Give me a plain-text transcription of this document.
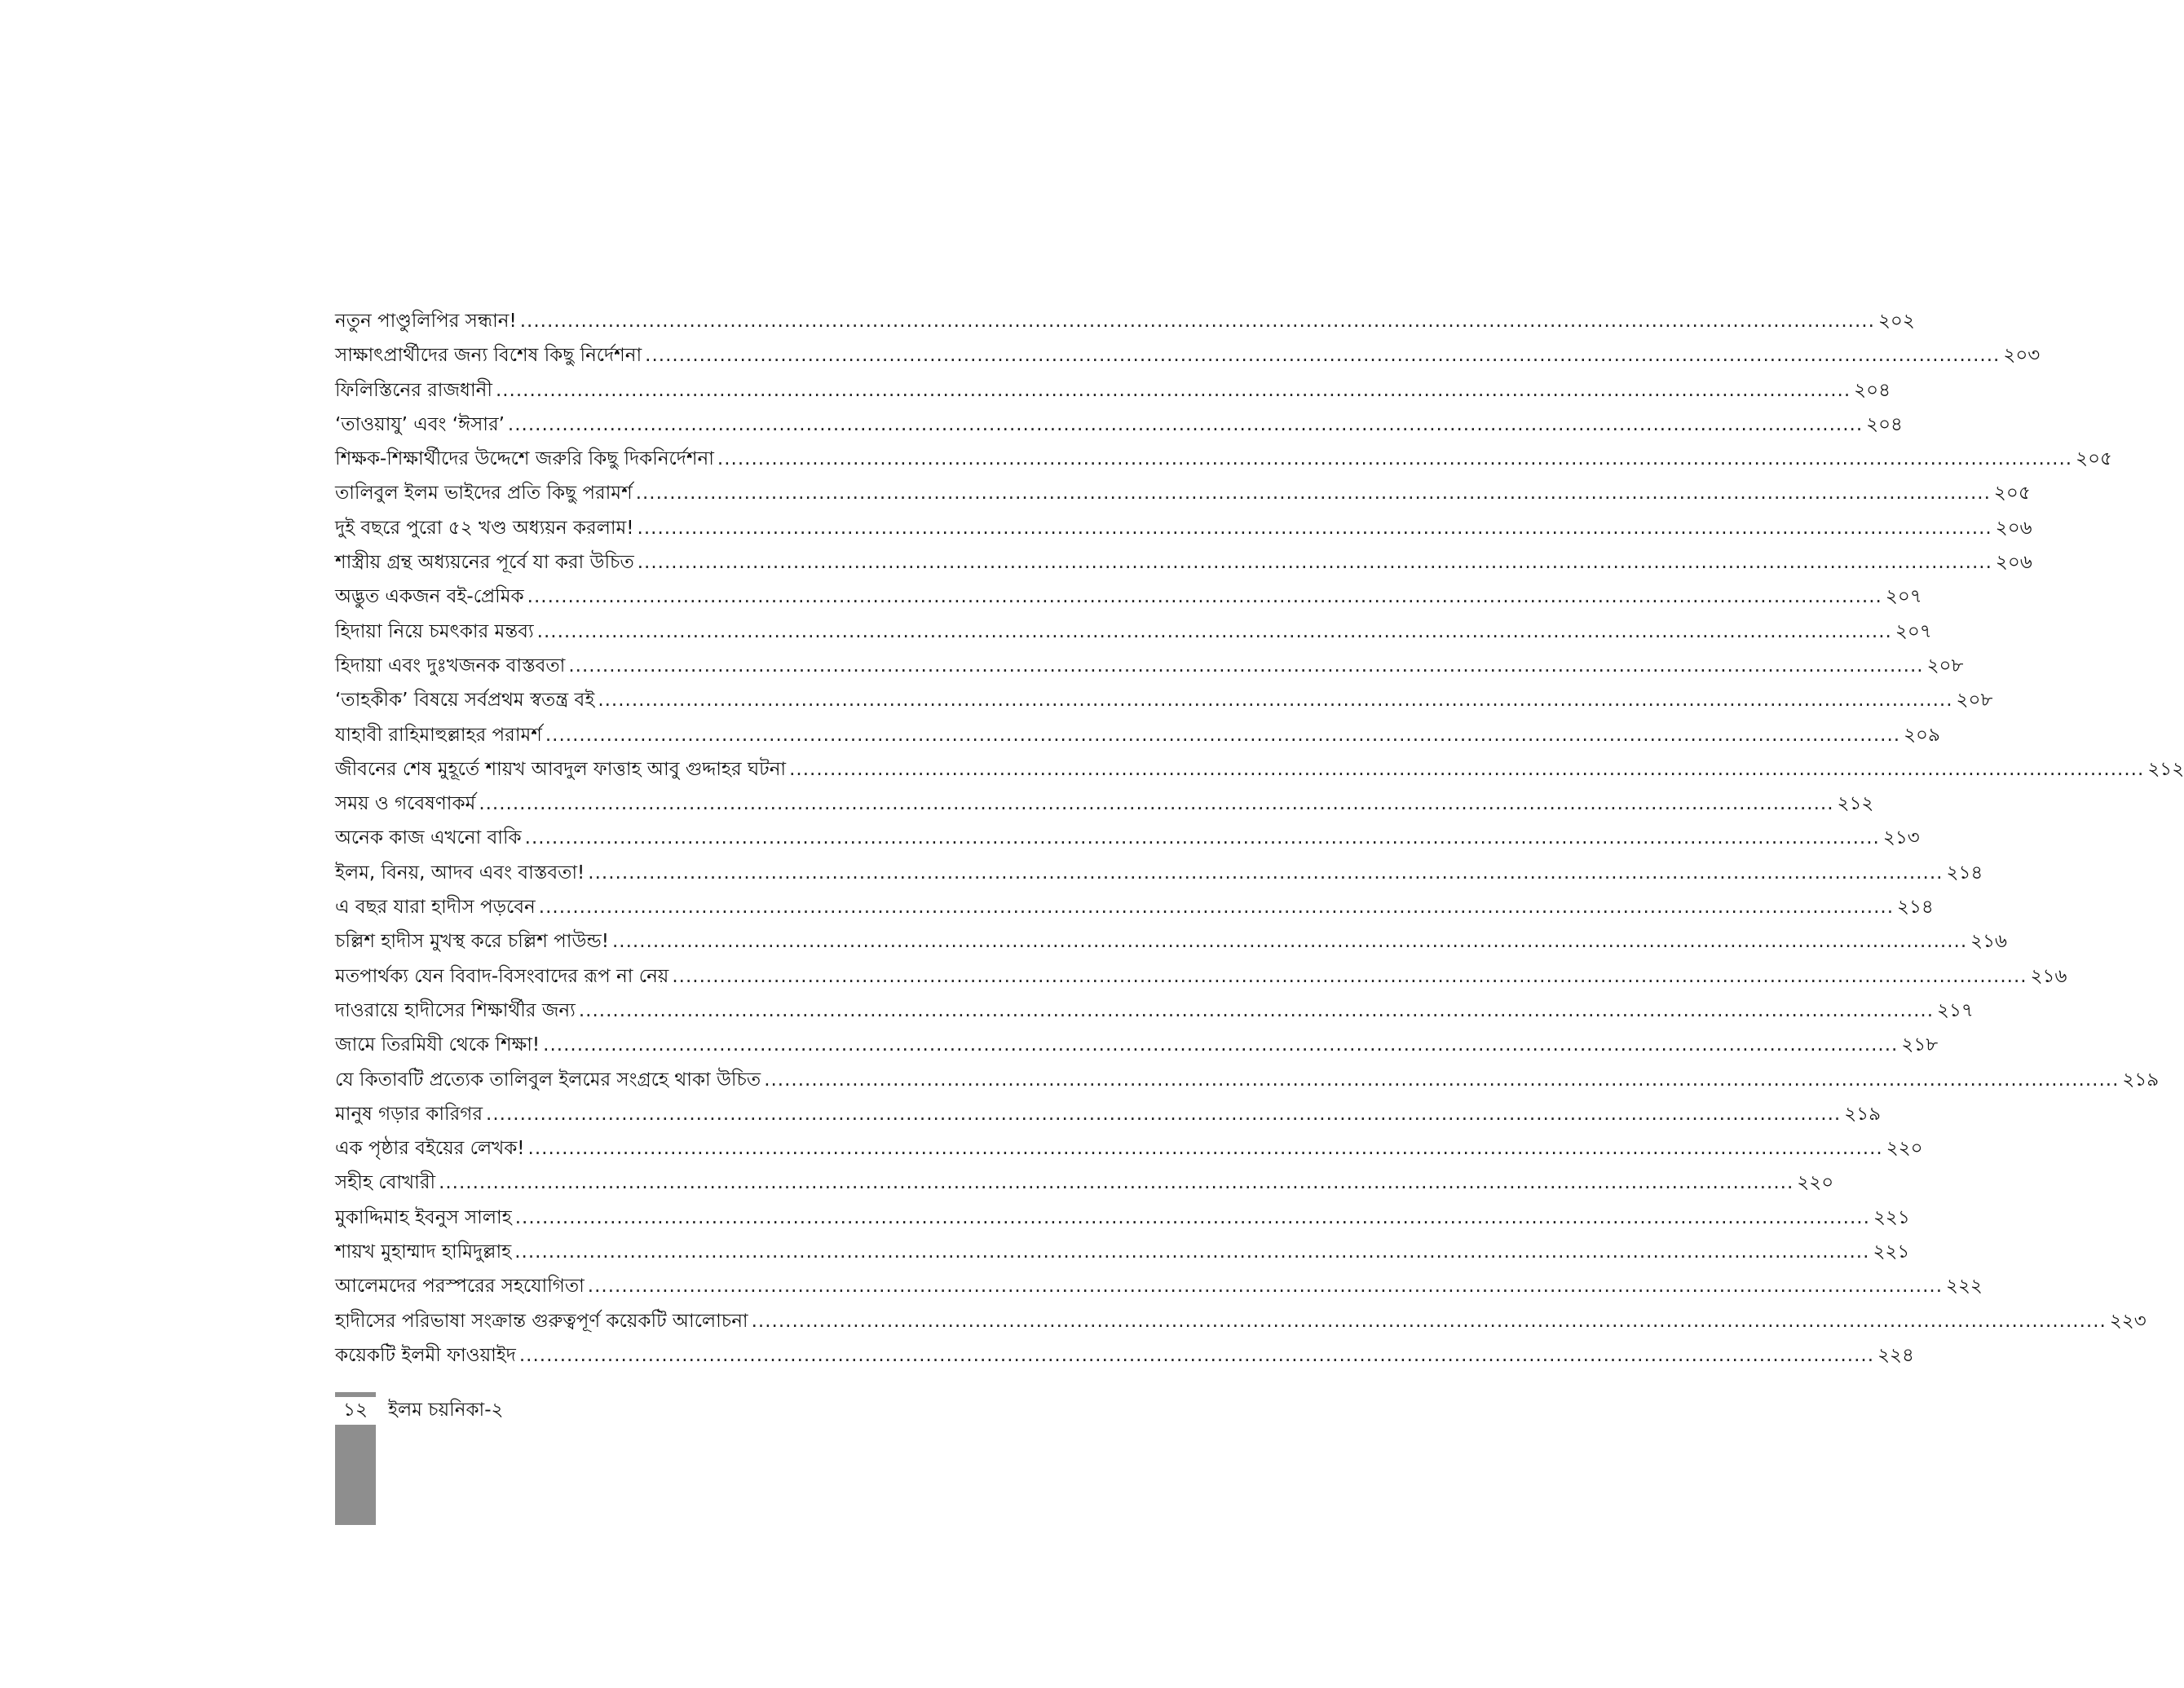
নতুন পাণ্ডুলিপির সন্ধান! .....	২০২
সাক্ষাৎপ্রার্থীদের জন্য বিশেষ কিছু নির্দেশনা .....	২০৩
ফিলিস্তিনের রাজধানী .....	২০৪
‘তাওয়াযু’ এবং ‘ঈসার’ .....	২০৪
শিক্ষক-শিক্ষার্থীদের উদ্দেশে জরুরি কিছু দিকনির্দেশনা .....	২০৫
তালিবুল ইলম ভাইদের প্রতি কিছু পরামর্শ .....	২০৫
দুই বছরে পুরো ৫২ খণ্ড অধ্যয়ন করলাম! .....	২০৬
শাস্ত্রীয় গ্রন্থ অধ্যয়নের পূর্বে যা করা উচিত .....	২০৬
অদ্ভুত একজন বই-প্রেমিক .....	২০৭
হিদায়া নিয়ে চমৎকার মন্তব্য .....	২০৭
হিদায়া এবং দুঃখজনক বাস্তবতা .....	২০৮
‘তাহকীক’ বিষয়ে সর্বপ্রথম স্বতন্ত্র বই .....	২০৮
যাহাবী রাহিমাহুল্লাহর পরামর্শ .....	২০৯
জীবনের শেষ মুহূর্তে শায়খ আবদুল ফাত্তাহ আবু গুদ্দাহর ঘটনা .....	২১২
সময় ও গবেষণাকর্ম .....	২১২
অনেক কাজ এখনো বাকি .....	২১৩
ইলম, বিনয়, আদব এবং বাস্তবতা! .....	২১৪
এ বছর যারা হাদীস পড়বেন .....	২১৪
চল্লিশ হাদীস মুখস্থ করে চল্লিশ পাউন্ড! .....	২১৬
মতপার্থক্য যেন বিবাদ-বিসংবাদের রূপ না নেয় .....	২১৬
দাওরায়ে হাদীসের শিক্ষার্থীর জন্য .....	২১৭
জামে তিরমিযী থেকে শিক্ষা! .....	২১৮
যে কিতাবটি প্রত্যেক তালিবুল ইলমের সংগ্রহে থাকা উচিত .....	২১৯
মানুষ গড়ার কারিগর .....	২১৯
এক পৃষ্ঠার বইয়ের লেখক! .....	২২০
সহীহ বোখারী .....	২২০
মুকাদ্দিমাহ ইবনুস সালাহ .....	২২১
শায়খ মুহাম্মাদ হামিদুল্লাহ .....	২২১
আলেমদের পরস্পরের সহযোগিতা .....	২২২
হাদীসের পরিভাষা সংক্রান্ত গুরুত্বপূর্ণ কয়েকটি আলোচনা .....	২২৩
কয়েকটি ইলমী ফাওয়াইদ .....	২২৪
১২ ইলম চয়নিকা-২
